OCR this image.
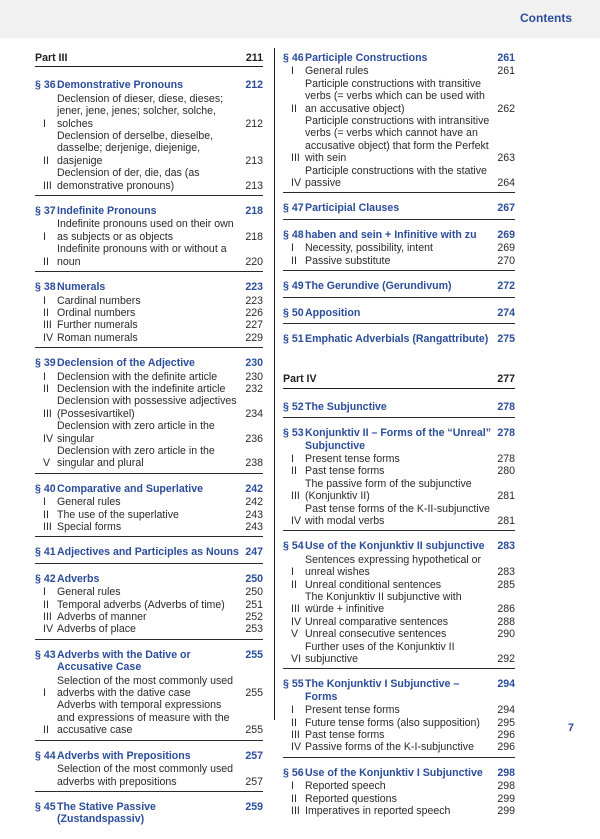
Contents
Part III	211
§ 36 Demonstrative Pronouns	212
I
Declension of dieser, diese, dieses; jener, jene, jenes; solcher, solche, solches	212
II
Declension of derselbe, dieselbe, dasselbe; derjenige, diejenige, dasjenige	213
III
Declension of der, die, das (as demonstrative pronouns)	213
§ 37 Indefinite Pronouns	218
I
Indefinite pronouns used on their own as subjects or as objects	218
II
Indefinite pronouns with or without a noun	220
§ 38 Numerals	223
I	Cardinal numbers	223
II Ordinal numbers	226
III Further numerals	227
IV Roman numerals	229
§ 39 Declension of the Adjective	230
I	Declension with the definite article	230
II Declension with the indefinite article	232
III
Declension with possessive adjectives (Possesivartikel)	234
IV
Declension with zero article in the singular	236
V
Declension with zero article in the singular and plural	238
§ 40 Comparative and Superlative	242
I	General rules	242
II The use of the superlative	243
III Special forms	243
§ 41 Adjectives and Participles as Nouns 247
§ 42 Adverbs	250
I	General rules	250
II Temporal adverbs (Adverbs of time)	251
III Adverbs of manner	252
IV Adverbs of place	253
§ 43 Adverbs with the Dative or Accusative Case
255
I
Selection of the most commonly used adverbs with the dative case	255
II
Adverbs with temporal expressions and expressions of measure with the accusative case	255
§ 44 Adverbs with Prepositions	257
Selection of the most commonly used adverbs with prepositions	257
§ 45 The Stative Passive (Zustandspassiv)
259
§ 46 Participle Constructions	261
I	General rules	261
II
Participle constructions with transitive verbs (= verbs which can be used with an accusative object)	262
III
Participle constructions with intransitive verbs (= verbs which cannot have an accusative object) that form the Perfekt with sein	263
IV
Participle constructions with the stative passive	264
§ 47 Participial Clauses	267
§ 48 haben and sein + Infinitive with zu 269
I	Necessity, possibility, intent	269
II Passive substitute	270
§ 49 The Gerundive (Gerundivum)	272
§ 50 Apposition	274
§ 51 Emphatic Adverbials (Rangattribute) 275
Part IV	277
§ 52 The Subjunctive	278
§ 53 Konjunktiv II – Forms of the “Unreal” Subjunctive
278
I	Present tense forms	278
II Past tense forms	280
III
The passive form of the subjunctive (Konjunktiv II)	281
IV
Past tense forms of the K-II-subjunctive with modal verbs	281
§ 54 Use of the Konjunktiv II subjunctive 283
I
Sentences expressing hypothetical or unreal wishes	283
II Unreal conditional sentences	285
III
The Konjunktiv II subjunctive with würde + infinitive	286
IV Unreal comparative sentences	288
V Unreal consecutive sentences	290
VI
Further uses of the Konjunktiv II subjunctive	292
§ 55 The Konjunktiv I Subjunctive – Forms
294
I	Present tense forms	294
II Future tense forms (also supposition)	295
III Past tense forms	296
IV Passive forms of the K-I-subjunctive	296
§ 56 Use of the Konjunktiv I Subjunctive 298
I	Reported speech	298
II Reported questions	299
III Imperatives in reported speech	299
7
